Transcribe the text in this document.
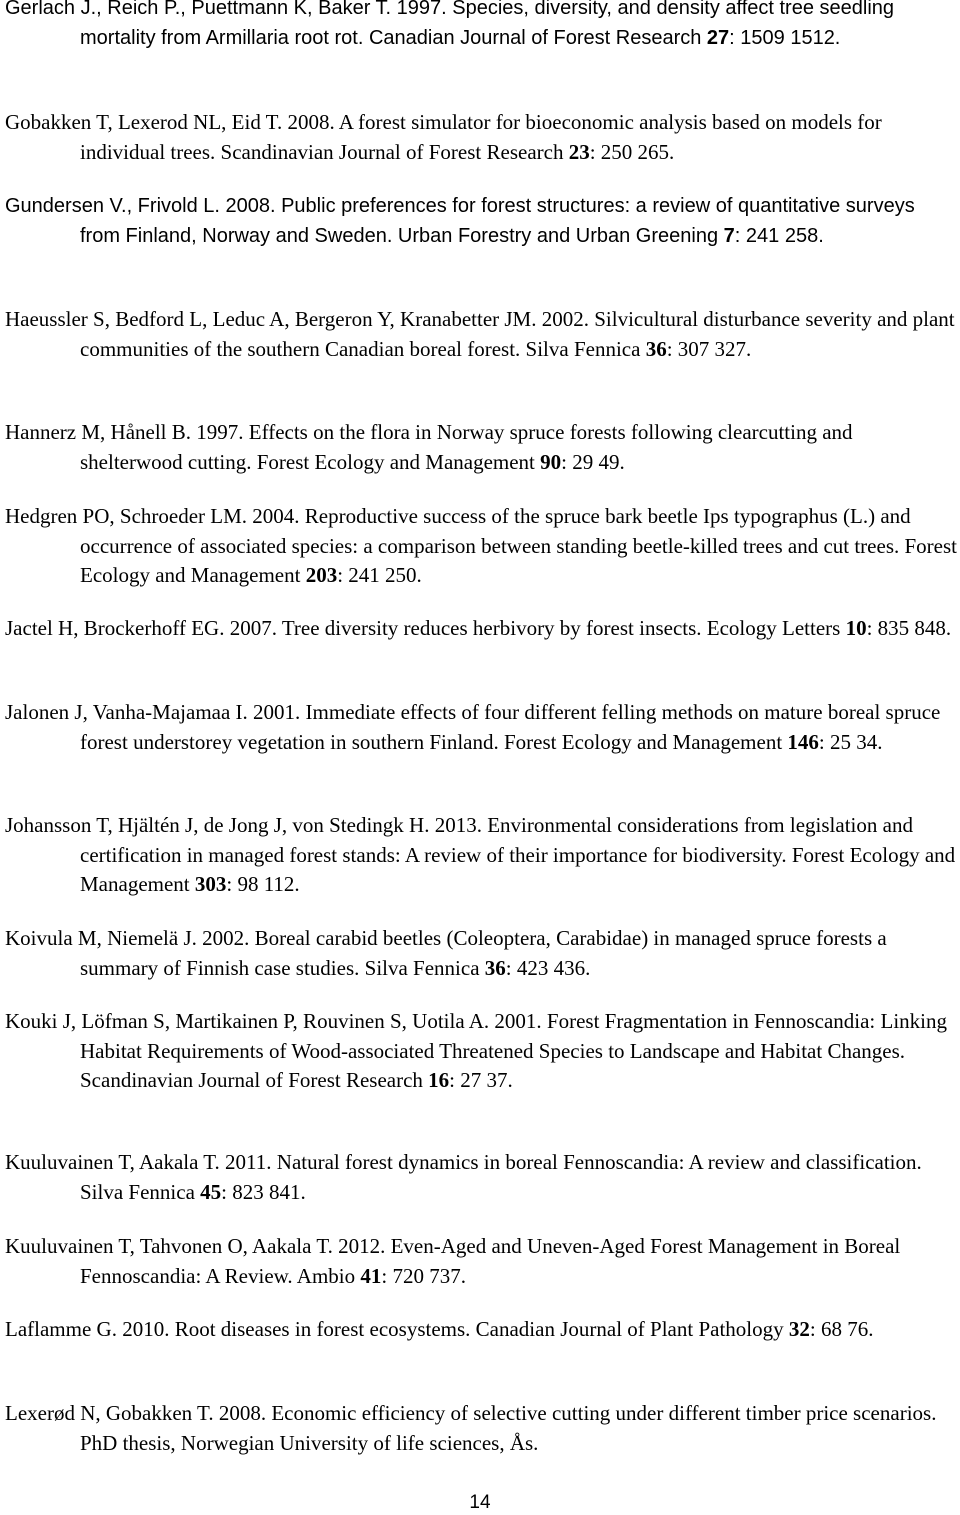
Gerlach J., Reich P., Puettmann K, Baker T. 1997. Species, diversity, and density affect tree seedling mortality from Armillaria root rot. Canadian Journal of Forest Research 27: 1509 1512.
Gobakken T, Lexerod NL, Eid T. 2008. A forest simulator for bioeconomic analysis based on models for individual trees. Scandinavian Journal of Forest Research 23: 250 265.
Gundersen V., Frivold L. 2008. Public preferences for forest structures: a review of quantitative surveys from Finland, Norway and Sweden. Urban Forestry and Urban Greening 7: 241 258.
Haeussler S, Bedford L, Leduc A, Bergeron Y, Kranabetter JM. 2002. Silvicultural disturbance severity and plant communities of the southern Canadian boreal forest. Silva Fennica 36: 307 327.
Hannerz M, Hånell B. 1997. Effects on the flora in Norway spruce forests following clearcutting and shelterwood cutting. Forest Ecology and Management 90: 29 49.
Hedgren PO, Schroeder LM. 2004. Reproductive success of the spruce bark beetle Ips typographus (L.) and occurrence of associated species: a comparison between standing beetle-killed trees and cut trees. Forest Ecology and Management 203: 241 250.
Jactel H, Brockerhoff EG. 2007. Tree diversity reduces herbivory by forest insects. Ecology Letters 10: 835 848.
Jalonen J, Vanha-Majamaa I. 2001. Immediate effects of four different felling methods on mature boreal spruce forest understorey vegetation in southern Finland. Forest Ecology and Management 146: 25 34.
Johansson T, Hjältén J, de Jong J, von Stedingk H. 2013. Environmental considerations from legislation and certification in managed forest stands: A review of their importance for biodiversity. Forest Ecology and Management 303: 98 112.
Koivula M, Niemelä J. 2002. Boreal carabid beetles (Coleoptera, Carabidae) in managed spruce forests a summary of Finnish case studies. Silva Fennica 36: 423 436.
Kouki J, Löfman S, Martikainen P, Rouvinen S, Uotila A. 2001. Forest Fragmentation in Fennoscandia: Linking Habitat Requirements of Wood-associated Threatened Species to Landscape and Habitat Changes. Scandinavian Journal of Forest Research 16: 27 37.
Kuuluvainen T, Aakala T. 2011. Natural forest dynamics in boreal Fennoscandia: A review and classification. Silva Fennica 45: 823 841.
Kuuluvainen T, Tahvonen O, Aakala T. 2012. Even-Aged and Uneven-Aged Forest Management in Boreal Fennoscandia: A Review. Ambio 41: 720 737.
Laflamme G. 2010. Root diseases in forest ecosystems. Canadian Journal of Plant Pathology 32: 68 76.
Lexerød N, Gobakken T. 2008. Economic efficiency of selective cutting under different timber price scenarios. PhD thesis, Norwegian University of life sciences, Ås.
14
